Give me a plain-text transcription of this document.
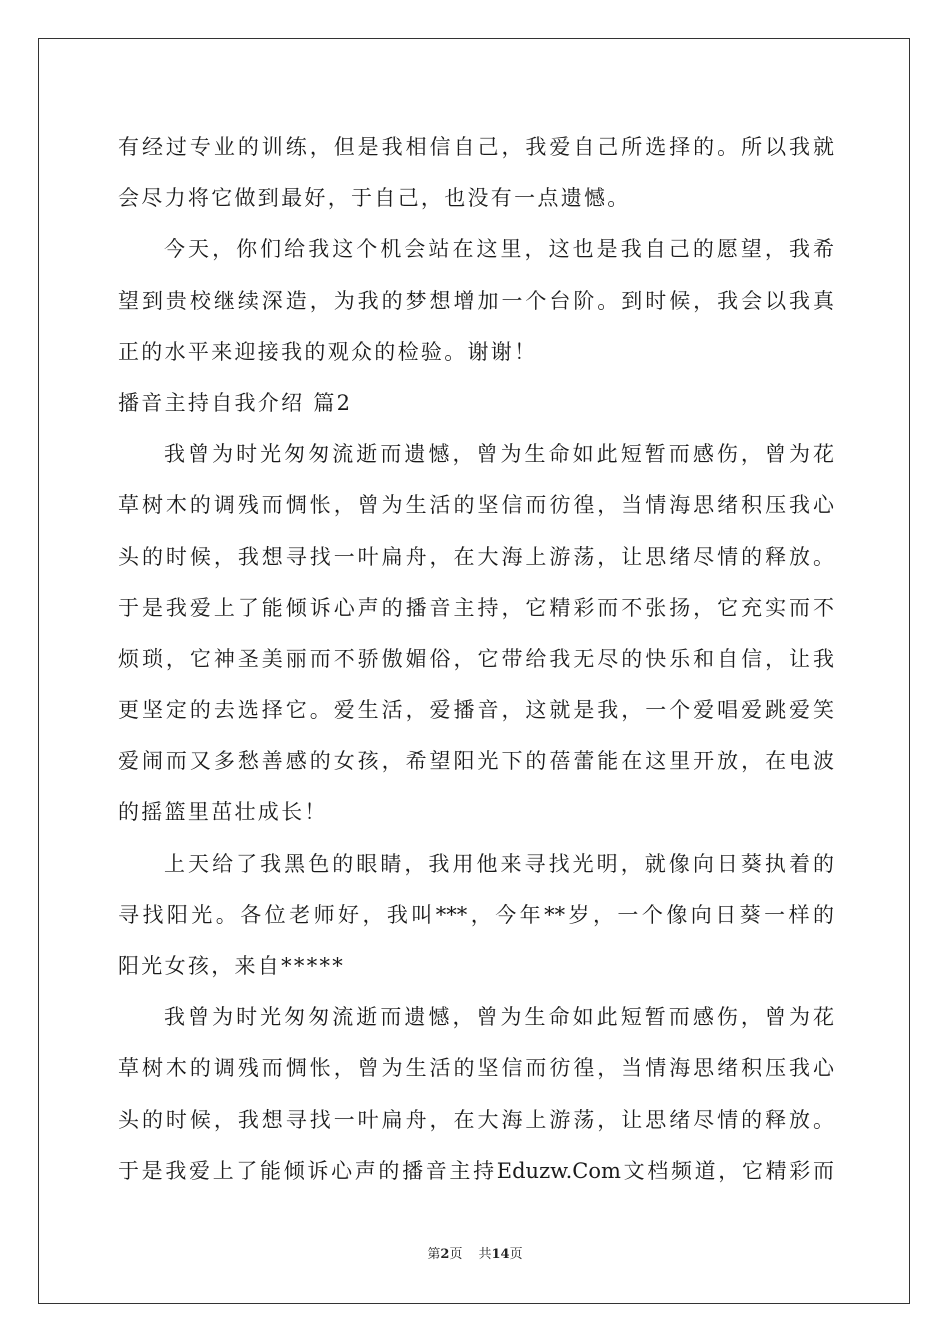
有经过专业的训练，但是我相信自己，我爱自己所选择的。所以我就
会尽力将它做到最好，于自己，也没有一点遗憾。
今天，你们给我这个机会站在这里，这也是我自己的愿望，我希
望到贵校继续深造，为我的梦想增加一个台阶。到时候，我会以我真
正的水平来迎接我的观众的检验。谢谢！
播音主持自我介绍 篇2
我曾为时光匆匆流逝而遗憾，曾为生命如此短暂而感伤，曾为花
草树木的调残而惆怅，曾为生活的坚信而彷徨，当情海思绪积压我心
头的时候，我想寻找一叶扁舟，在大海上游荡，让思绪尽情的释放。
于是我爱上了能倾诉心声的播音主持，它精彩而不张扬，它充实而不
烦琐，它神圣美丽而不骄傲媚俗，它带给我无尽的快乐和自信，让我
更坚定的去选择它。爱生活，爱播音，这就是我，一个爱唱爱跳爱笑
爱闹而又多愁善感的女孩，希望阳光下的蓓蕾能在这里开放，在电波
的摇篮里茁壮成长！
上天给了我黑色的眼睛，我用他来寻找光明，就像向日葵执着的
寻找阳光。各位老师好，我叫***，今年**岁，一个像向日葵一样的
阳光女孩，来自*****
我曾为时光匆匆流逝而遗憾，曾为生命如此短暂而感伤，曾为花
草树木的调残而惆怅，曾为生活的坚信而彷徨，当情海思绪积压我心
头的时候，我想寻找一叶扁舟，在大海上游荡，让思绪尽情的释放。
于是我爱上了能倾诉心声的播音主持Eduzw.Com文档频道，它精彩而
第2页 共14页
